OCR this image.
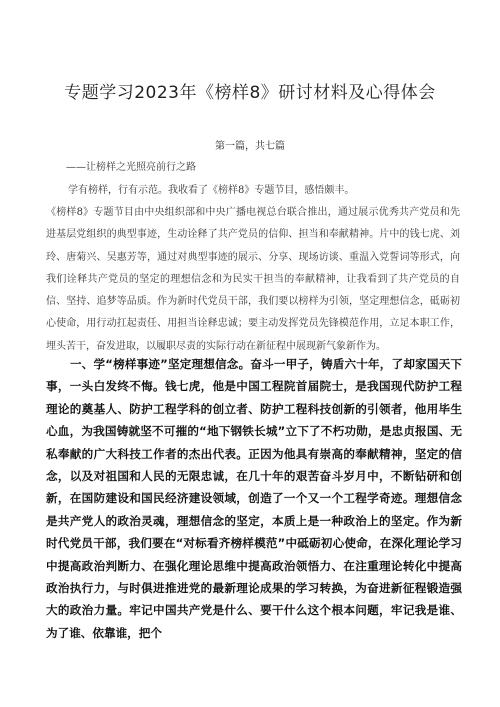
专题学习2023年《榜样8》研讨材料及心得体会
第一篇，共七篇
——让榜样之光照亮前行之路
学有榜样，行有示范。我收看了《榜样8》专题节目，感悟颇丰。
《榜样8》专题节目由中央组织部和中央广播电视总台联合推出，通过展示优秀共产党员和先进基层党组织的典型事迹，生动诠释了共产党员的信仰、担当和奉献精神。片中的钱七虎、刘玲、唐菊兴、吴惠芳等，通过对典型事迹的展示、分享、现场访谈、重温入党誓词等形式，向我们诠释共产党员的坚定的理想信念和为民实干担当的奉献精神，让我看到了共产党员的自信、坚持、追梦等品质。作为新时代党员干部，我们要以榜样为引领，坚定理想信念，砥砺初心使命，用行动扛起责任、用担当诠释忠诚；要主动发挥党员先锋模范作用，立足本职工作，埋头苦干，奋发进取，以履职尽责的实际行动在新征程中展现新气象新作为。
一、学“榜样事迹”坚定理想信念。奋斗一甲子，铸盾六十年，了却家国天下事，一头白发终不悔。钱七虎，他是中国工程院首届院士，是我国现代防护工程理论的奠基人、防护工程学科的创立者、防护工程科技创新的引领者，他用毕生心血，为我国铸就坚不可摧的“地下钢铁长城”立下了不朽功勋，是忠贞报国、无私奉献的广大科技工作者的杰出代表。正因为他具有崇高的奉献精神，坚定的信念，以及对祖国和人民的无限忠诚，在几十年的艰苦奋斗岁月中，不断钻研和创新，在国防建设和国民经济建设领域，创造了一个又一个工程学奇迹。理想信念是共产党人的政治灵魂，理想信念的坚定，本质上是一种政治上的坚定。作为新时代党员干部，我们要在“对标看齐榜样模范”中砥砺初心使命，在深化理论学习中提高政治判断力、在强化理论思维中提高政治领悟力、在注重理论转化中提高政治执行力，与时俱进推进党的最新理论成果的学习转换，为奋进新征程锻造强大的政治力量。牢记中国共产党是什么、要干什么这个根本问题，牢记我是谁、为了谁、依靠谁，把个
